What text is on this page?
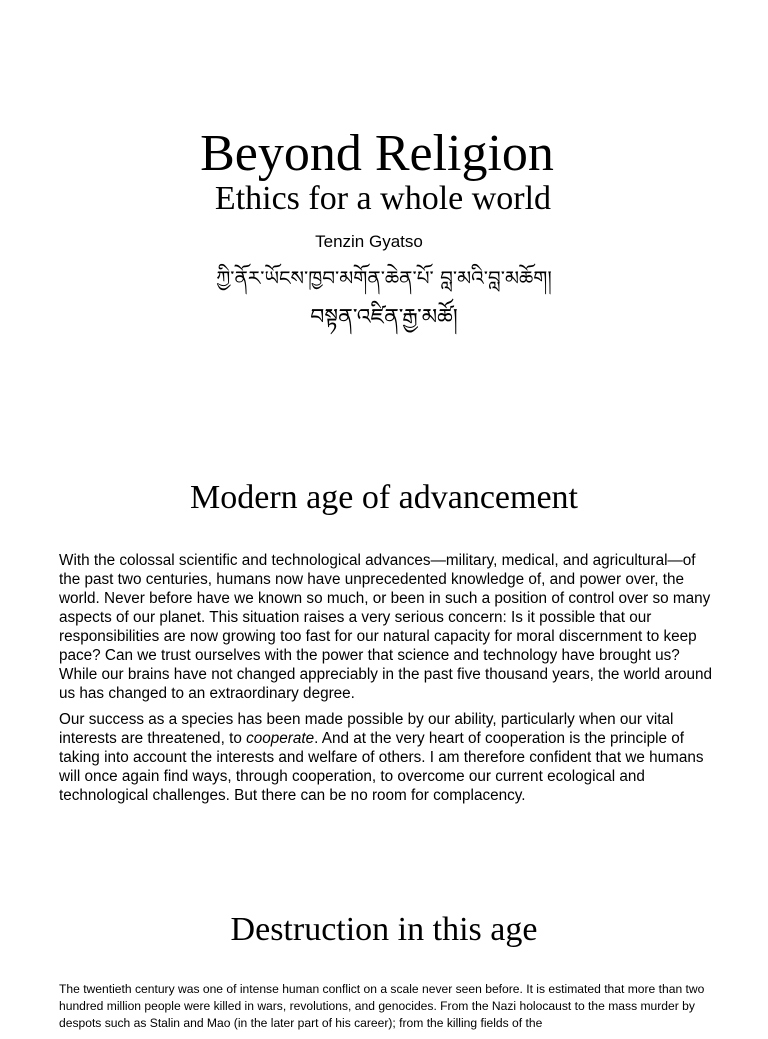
Beyond Religion
Ethics for a whole world
Tenzin Gyatso
ཀྱི་ནོར་ཡོངས་ཁྱབ་མགོན་ཆེན་པོ་ བླ་མའི་བླ་མཆོག།
བསྟན་འཛིན་རྒྱ་མཚོ།
Modern age of advancement

With the colossal scientific and technological advances—military, medical, and agricultural—of the past two centuries, humans now have unprecedented knowledge of, and power over, the world. Never before have we known so much, or been in such a position of control over so many aspects of our planet. This situation raises a very serious concern: Is it possible that our responsibilities are now growing too fast for our natural capacity for moral discernment to keep pace? Can we trust ourselves with the power that science and technology have brought us? While our brains have not changed appreciably in the past five thousand years, the world around us has changed to an extraordinary degree.

Our success as a species has been made possible by our ability, particularly when our vital interests are threatened, to cooperate. And at the very heart of cooperation is the principle of taking into account the interests and welfare of others. I am therefore confident that we humans will once again find ways, through cooperation, to overcome our current ecological and technological challenges. But there can be no room for complacency.

Destruction in this age

The twentieth century was one of intense human conflict on a scale never seen before. It is estimated that more than two hundred million people were killed in wars, revolutions, and genocides. From the Nazi holocaust to the mass murder by despots such as Stalin and Mao (in the later part of his career); from the killing fields of the
